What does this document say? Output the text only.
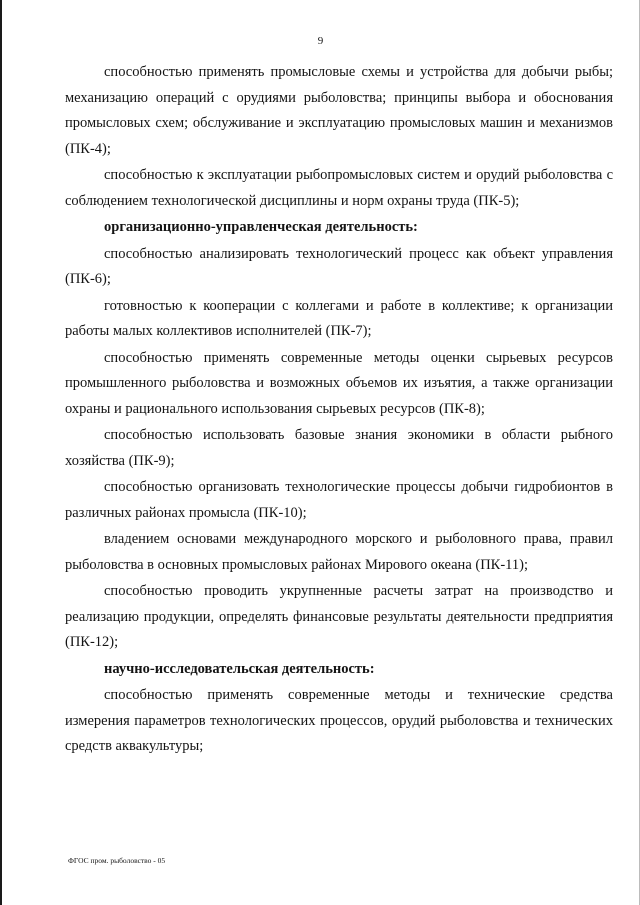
9

способностью применять промысловые схемы и устройства для добычи рыбы; механизацию операций с орудиями рыболовства; принципы выбора и обоснования промысловых схем; обслуживание и эксплуатацию промысловых машин и механизмов (ПК-4);

способностью к эксплуатации рыбопромысловых систем и орудий рыболовства с соблюдением технологической дисциплины и норм охраны труда (ПК-5);

организационно-управленческая деятельность:

способностью анализировать технологический процесс как объект управления (ПК-6);

готовностью к кооперации с коллегами и работе в коллективе; к организации работы малых коллективов исполнителей (ПК-7);

способностью применять современные методы оценки сырьевых ресурсов промышленного рыболовства и возможных объемов их изъятия, а также организации охраны и рационального использования сырьевых ресурсов (ПК-8);

способностью использовать базовые знания экономики в области рыбного хозяйства (ПК-9);

способностью организовать технологические процессы добычи гидробионтов в различных районах промысла (ПК-10);

владением основами международного морского и рыболовного права, правил рыболовства в основных промысловых районах Мирового океана (ПК-11);

способностью проводить укрупненные расчеты затрат на производство и реализацию продукции, определять финансовые результаты деятельности предприятия (ПК-12);

научно-исследовательская деятельность:

способностью применять современные методы и технические средства измерения параметров технологических процессов, орудий рыболовства и технических средств аквакультуры;

ФГОС пром. рыболовство - 05
